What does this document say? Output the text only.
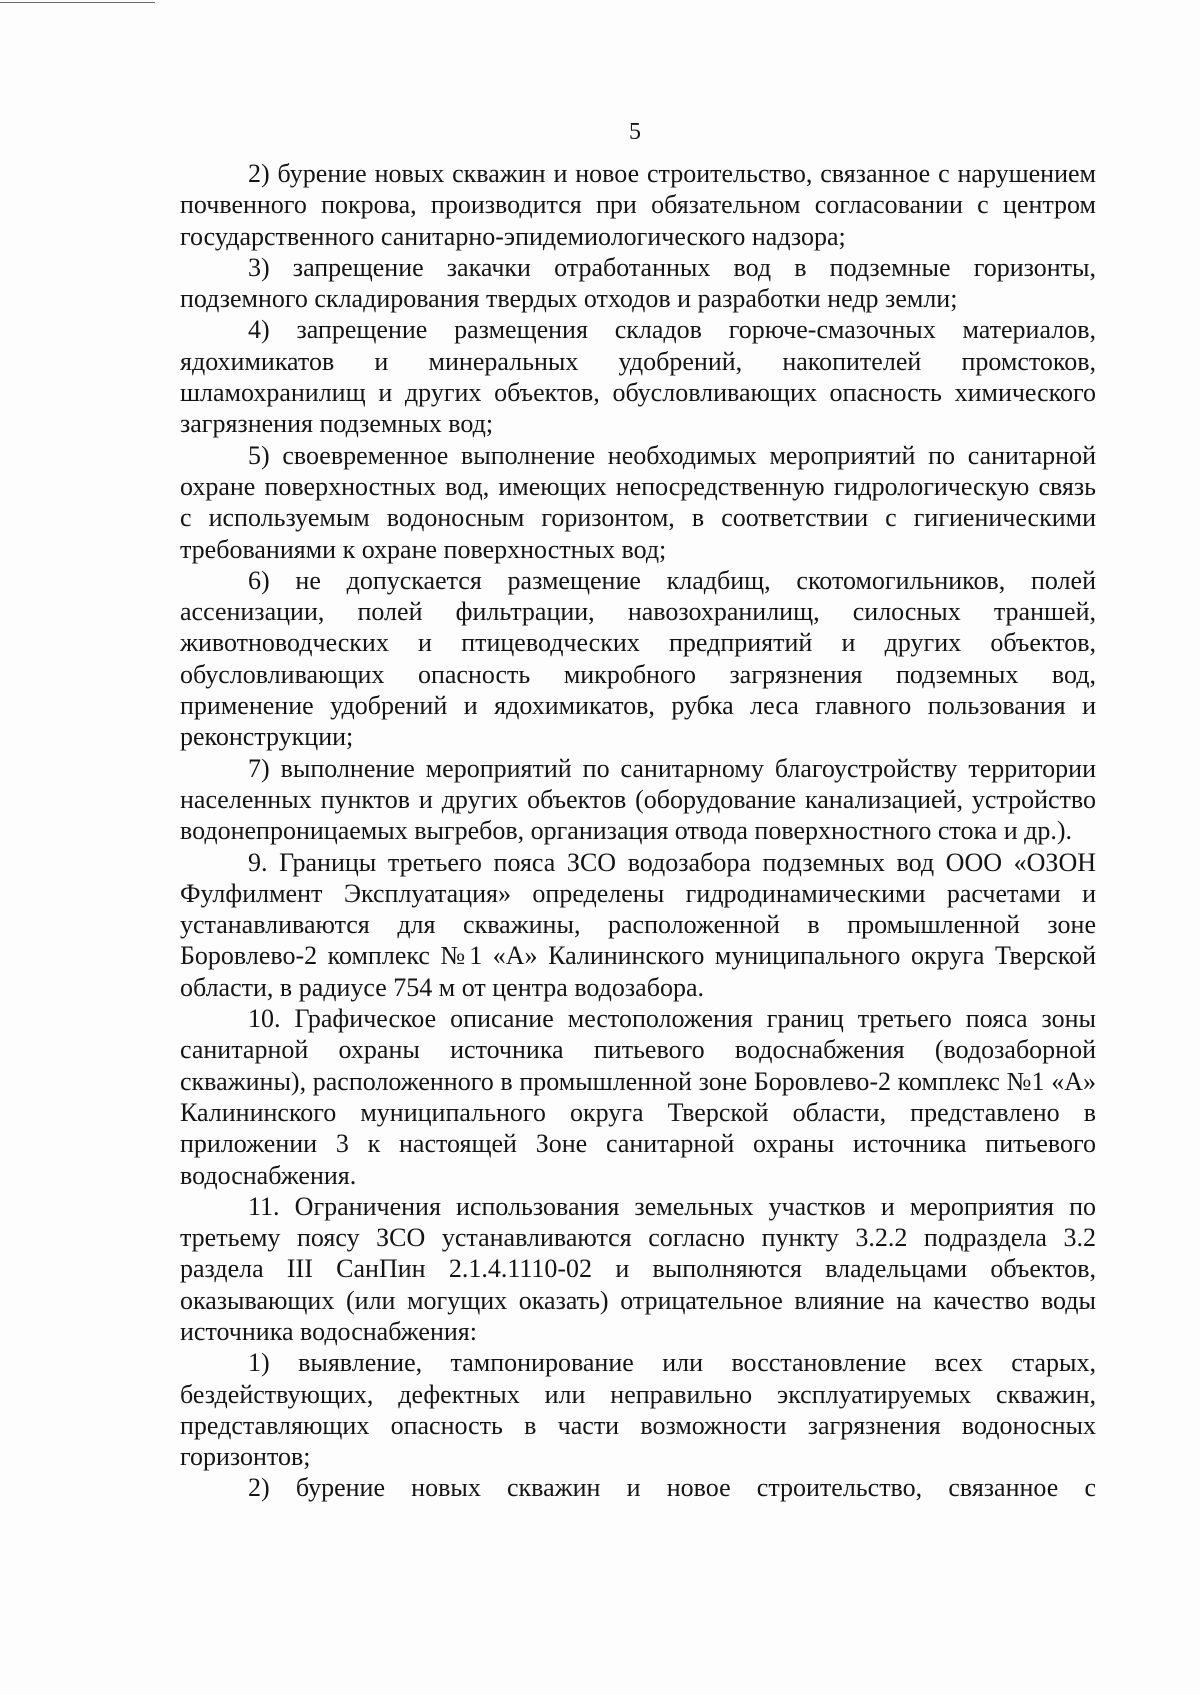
5

2) бурение новых скважин и новое строительство, связанное с нарушением почвенного покрова, производится при обязательном согласовании с центром государственного санитарно-эпидемиологического надзора;

3) запрещение закачки отработанных вод в подземные горизонты, подземного складирования твердых отходов и разработки недр земли;

4) запрещение размещения складов горюче-смазочных материалов, ядохимикатов и минеральных удобрений, накопителей промстоков, шламохранилищ и других объектов, обусловливающих опасность химического загрязнения подземных вод;

5) своевременное выполнение необходимых мероприятий по санитарной охране поверхностных вод, имеющих непосредственную гидрологическую связь с используемым водоносным горизонтом, в соответствии с гигиеническими требованиями к охране поверхностных вод;

6) не допускается размещение кладбищ, скотомогильников, полей ассенизации, полей фильтрации, навозохранилищ, силосных траншей, животноводческих и птицеводческих предприятий и других объектов, обусловливающих опасность микробного загрязнения подземных вод, применение удобрений и ядохимикатов, рубка леса главного пользования и реконструкции;

7) выполнение мероприятий по санитарному благоустройству территории населенных пунктов и других объектов (оборудование канализацией, устройство водонепроницаемых выгребов, организация отвода поверхностного стока и др.).

9. Границы третьего пояса ЗСО водозабора подземных вод ООО «ОЗОН Фулфилмент Эксплуатация» определены гидродинамическими расчетами и устанавливаются для скважины, расположенной в промышленной зоне Боровлево-2 комплекс №1 «А» Калининского муниципального округа Тверской области, в радиусе 754 м от центра водозабора.

10. Графическое описание местоположения границ третьего пояса зоны санитарной охраны источника питьевого водоснабжения (водозаборной скважины), расположенного в промышленной зоне Боровлево-2 комплекс №1 «А» Калининского муниципального округа Тверской области, представлено в приложении 3 к настоящей Зоне санитарной охраны источника питьевого водоснабжения.

11. Ограничения использования земельных участков и мероприятия по третьему поясу ЗСО устанавливаются согласно пункту 3.2.2 подраздела 3.2 раздела III СанПин 2.1.4.1110-02 и выполняются владельцами объектов, оказывающих (или могущих оказать) отрицательное влияние на качество воды источника водоснабжения:

1) выявление, тампонирование или восстановление всех старых, бездействующих, дефектных или неправильно эксплуатируемых скважин, представляющих опасность в части возможности загрязнения водоносных горизонтов;

2) бурение новых скважин и новое строительство, связанное с
